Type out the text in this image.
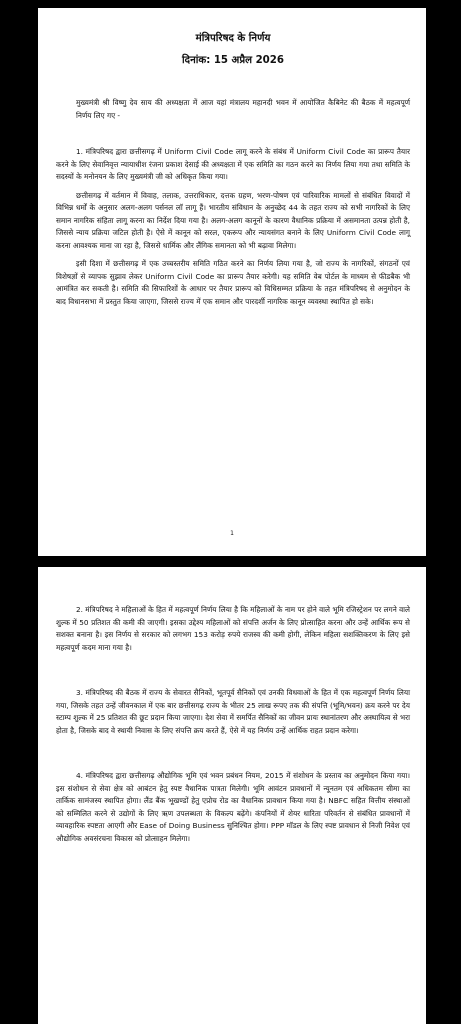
मंत्रिपरिषद के निर्णय
दिनांक: 15 अप्रैल 2026

मुख्यमंत्री श्री विष्णु देव साय की अध्यक्षता में आज यहां मंत्रालय महानदी भवन में आयोजित कैबिनेट की बैठक में महत्वपूर्ण निर्णय लिए गए -

1. मंत्रिपरिषद द्वारा छत्तीसगढ़ में Uniform Civil Code लागू करने के संबंध में Uniform Civil Code का प्रारूप तैयार करने के लिए सेवानिवृत्त न्यायाधीश रंजना प्रकाश देसाई की अध्यक्षता में एक समिति का गठन करने का निर्णय लिया गया तथा समिति के सदस्यों के मनोनयन के लिए मुख्यमंत्री जी को अधिकृत किया गया।

छत्तीसगढ़ में वर्तमान में विवाह, तलाक, उत्तराधिकार, दत्तक ग्रहण, भरण-पोषण एवं पारिवारिक मामलों से संबंधित विवादों में विभिन्न धर्मों के अनुसार अलग-अलग पर्सनल लॉ लागू हैं। भारतीय संविधान के अनुच्छेद 44 के तहत राज्य को सभी नागरिकों के लिए समान नागरिक संहिता लागू करना का निर्देश दिया गया है। अलग-अलग कानूनों के कारण वैधानिक प्रक्रिया में असमानता उत्पन्न होती है, जिससे न्याय प्रक्रिया जटिल होती है। ऐसे में कानून को सरल, एकरूप और न्यायसंगत बनाने के लिए Uniform Civil Code लागू करना आवश्यक माना जा रहा है, जिससे धार्मिक और लैंगिक समानता को भी बढ़ावा मिलेगा।

इसी दिशा में छत्तीसगढ़ में एक उच्चस्तरीय समिति गठित करने का निर्णय लिया गया है, जो राज्य के नागरिकों, संगठनों एवं विशेषज्ञों से व्यापक सुझाव लेकर Uniform Civil Code का प्रारूप तैयार करेगी। यह समिति वेब पोर्टल के माध्यम से फीडबैक भी आमंत्रित कर सकती है। समिति की सिफारिशों के आधार पर तैयार प्रारूप को विधिसम्मत प्रक्रिया के तहत मंत्रिपरिषद से अनुमोदन के बाद विधानसभा में प्रस्तुत किया जाएगा, जिससे राज्य में एक समान और पारदर्शी नागरिक कानून व्यवस्था स्थापित हो सके।

1

2. मंत्रिपरिषद ने महिलाओं के हित में महत्वपूर्ण निर्णय लिया है कि महिलाओं के नाम पर होने वाले भूमि रजिस्ट्रेशन पर लगने वाले शुल्क में 50 प्रतिशत की कमी की जाएगी। इसका उद्देश्य महिलाओं को संपत्ति अर्जन के लिए प्रोत्साहित करना और उन्हें आर्थिक रूप से सशक्त बनाना है। इस निर्णय से सरकार को लगभग 153 करोड़ रुपये राजस्व की कमी होगी, लेकिन महिला सशक्तिकरण के लिए इसे महत्वपूर्ण कदम माना गया है।

3. मंत्रिपरिषद की बैठक में राज्य के सेवारत सैनिकों, भूतपूर्व सैनिकों एवं उनकी विधवाओं के हित में एक महत्वपूर्ण निर्णय लिया गया, जिसके तहत उन्हें जीवनकाल में एक बार छत्तीसगढ़ राज्य के भीतर 25 लाख रूपए तक की संपत्ति (भूमि/भवन) क्रय करने पर देय स्टाम्प शुल्क में 25 प्रतिशत की छूट प्रदान किया जाएगा। देश सेवा में समर्पित सैनिकों का जीवन प्रायः स्थानांतरण और अस्थायित्व से भरा होता है, जिसके बाद वे स्थायी निवास के लिए संपत्ति क्रय करते हैं, ऐसे में यह निर्णय उन्हें आर्थिक राहत प्रदान करेगा।

4. मंत्रिपरिषद द्वारा छत्तीसगढ़ औद्योगिक भूमि एवं भवन प्रबंधन नियम, 2015 में संशोधन के प्रस्ताव का अनुमोदन किया गया। इस संशोधन से सेवा क्षेत्र को आबंटन हेतु स्पष्ट वैधानिक पात्रता मिलेगी। भूमि आवंटन प्रावधानों में न्यूनतम एवं अधिकतम सीमा का तार्किक सामंजस्य स्थापित होगा। लैंड बैंक भूखण्डों हेतु एप्रोच रोड का वैधानिक प्रावधान किया गया है। NBFC सहित वित्तीय संस्थाओं को सम्मिलित करने से उद्योगों के लिए ऋण उपलब्धता के विकल्प बढ़ेंगे। कंपनियों में शेयर धारिता परिवर्तन से संबंधित प्रावधानों में व्यावहारिक स्पष्टता आएगी और Ease of Doing Business सुनिश्चित होगा। PPP मॉडल के लिए स्पष्ट प्रावधान से निजी निवेश एवं औद्योगिक अवसंरचना विकास को प्रोत्साहन मिलेगा।
